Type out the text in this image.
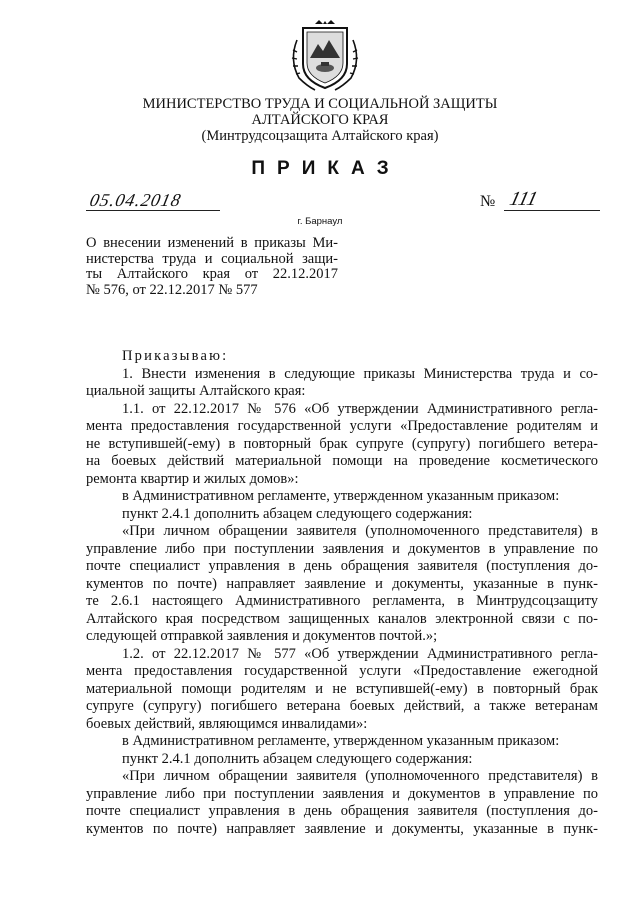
МИНИСТЕРСТВО ТРУДА И СОЦИАЛЬНОЙ ЗАЩИТЫ
АЛТАЙСКОГО КРАЯ
(Минтрудсоцзащита Алтайского края)
ПРИКАЗ
05.04.2018	№ 111
г. Барнаул
О внесении изменений в приказы Ми-
нистерства труда и социальной защи-
ты Алтайского края от 22.12.2017
№ 576, от 22.12.2017 № 577
Приказываю:
1. Внести изменения в следующие приказы Министерства труда и со-
циальной защиты Алтайского края:
1.1. от 22.12.2017 № 576 «Об утверждении Административного регла-
мента предоставления государственной услуги «Предоставление родителям и
не вступившей(-ему) в повторный брак супруге (супругу) погибшего ветера-
на боевых действий материальной помощи на проведение косметического
ремонта квартир и жилых домов»:
в Административном регламенте, утвержденном указанным приказом:
пункт 2.4.1 дополнить абзацем следующего содержания:
«При личном обращении заявителя (уполномоченного представителя) в
управление либо при поступлении заявления и документов в управление по
почте специалист управления в день обращения заявителя (поступления до-
кументов по почте) направляет заявление и документы, указанные в пунк-
те 2.6.1 настоящего Административного регламента, в Минтрудсоцзащиту
Алтайского края посредством защищенных каналов электронной связи с по-
следующей отправкой заявления и документов почтой.»;
1.2. от 22.12.2017 № 577 «Об утверждении Административного регла-
мента предоставления государственной услуги «Предоставление ежегодной
материальной помощи родителям и не вступившей(-ему) в повторный брак
супруге (супругу) погибшего ветерана боевых действий, а также ветеранам
боевых действий, являющимся инвалидами»:
в Административном регламенте, утвержденном указанным приказом:
пункт 2.4.1 дополнить абзацем следующего содержания:
«При личном обращении заявителя (уполномоченного представителя) в
управление либо при поступлении заявления и документов в управление по
почте специалист управления в день обращения заявителя (поступления до-
кументов по почте) направляет заявление и документы, указанные в пунк-
